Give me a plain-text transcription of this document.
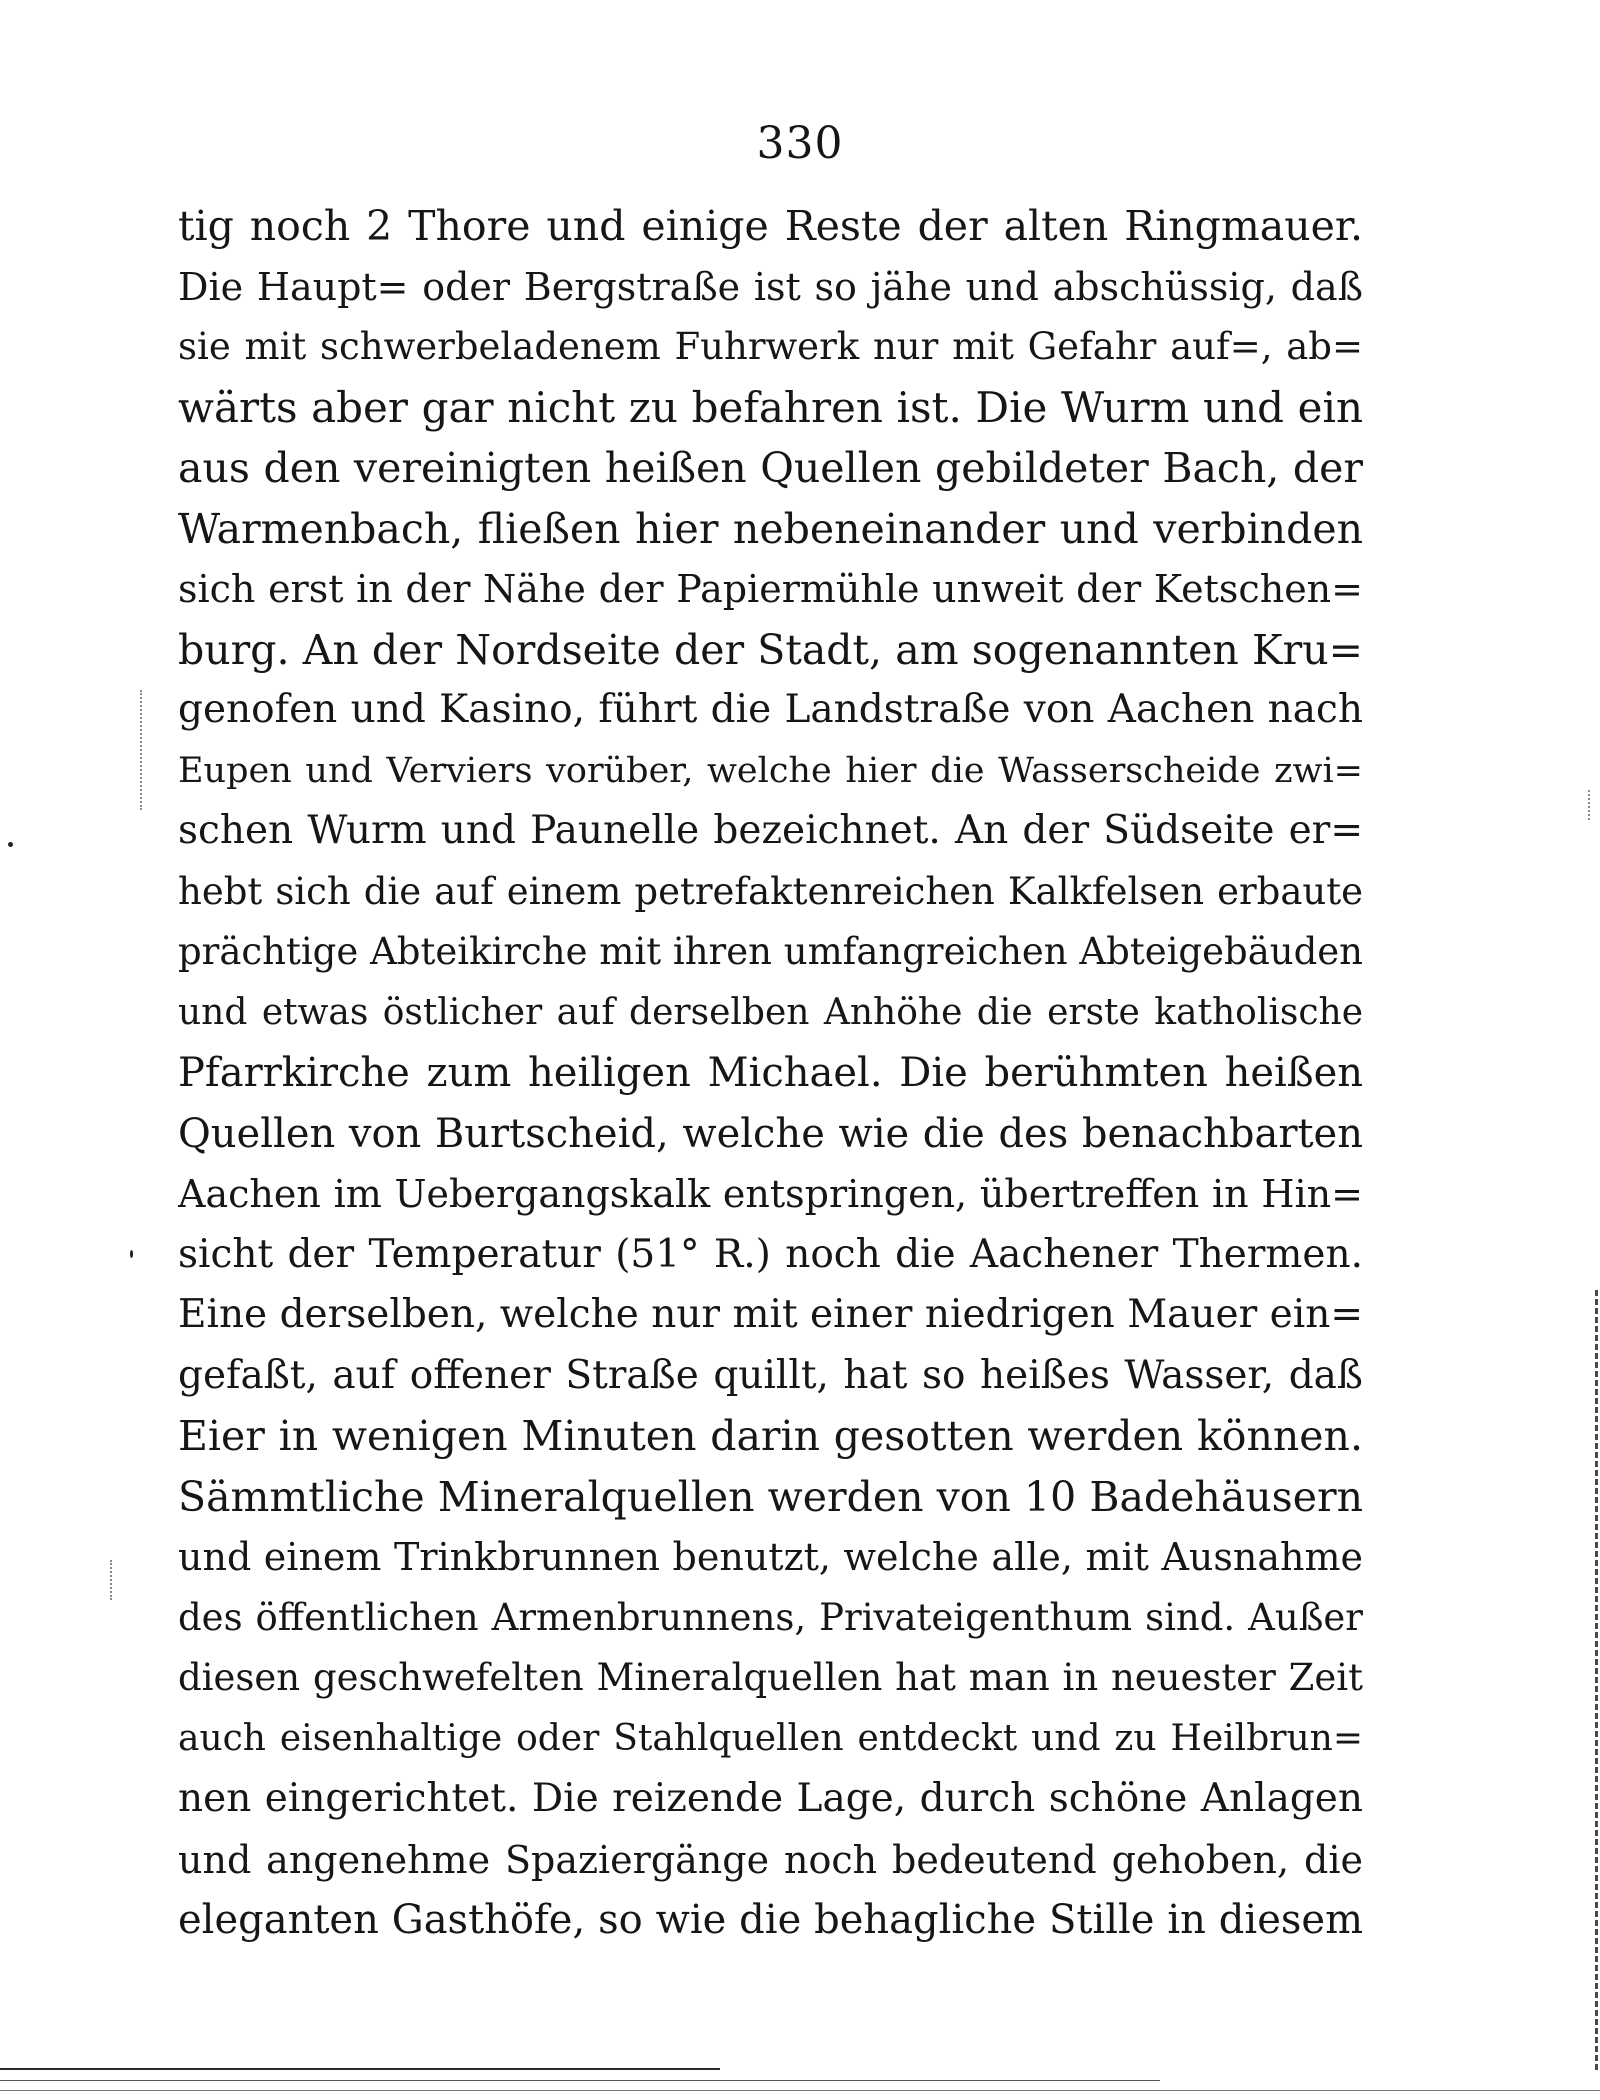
330
tig noch 2 Thore und einige Reste der alten Ringmauer.
Die Haupt= oder Bergstraße ist so jähe und abschüssig, daß
sie mit schwerbeladenem Fuhrwerk nur mit Gefahr auf=, ab=
wärts aber gar nicht zu befahren ist. Die Wurm und ein
aus den vereinigten heißen Quellen gebildeter Bach, der
Warmenbach, fließen hier nebeneinander und verbinden
sich erst in der Nähe der Papiermühle unweit der Ketschen=
burg. An der Nordseite der Stadt, am sogenannten Kru=
genofen und Kasino, führt die Landstraße von Aachen nach
Eupen und Verviers vorüber, welche hier die Wasserscheide zwi=
schen Wurm und Paunelle bezeichnet. An der Südseite er=
hebt sich die auf einem petrefaktenreichen Kalkfelsen erbaute
prächtige Abteikirche mit ihren umfangreichen Abteigebäuden
und etwas östlicher auf derselben Anhöhe die erste katholische
Pfarrkirche zum heiligen Michael. Die berühmten heißen
Quellen von Burtscheid, welche wie die des benachbarten
Aachen im Uebergangskalk entspringen, übertreffen in Hin=
sicht der Temperatur (51° R.) noch die Aachener Thermen.
Eine derselben, welche nur mit einer niedrigen Mauer ein=
gefaßt, auf offener Straße quillt, hat so heißes Wasser, daß
Eier in wenigen Minuten darin gesotten werden können.
Sämmtliche Mineralquellen werden von 10 Badehäusern
und einem Trinkbrunnen benutzt, welche alle, mit Ausnahme
des öffentlichen Armenbrunnens, Privateigenthum sind. Außer
diesen geschwefelten Mineralquellen hat man in neuester Zeit
auch eisenhaltige oder Stahlquellen entdeckt und zu Heilbrun=
nen eingerichtet. Die reizende Lage, durch schöne Anlagen
und angenehme Spaziergänge noch bedeutend gehoben, die
eleganten Gasthöfe, so wie die behagliche Stille in diesem
